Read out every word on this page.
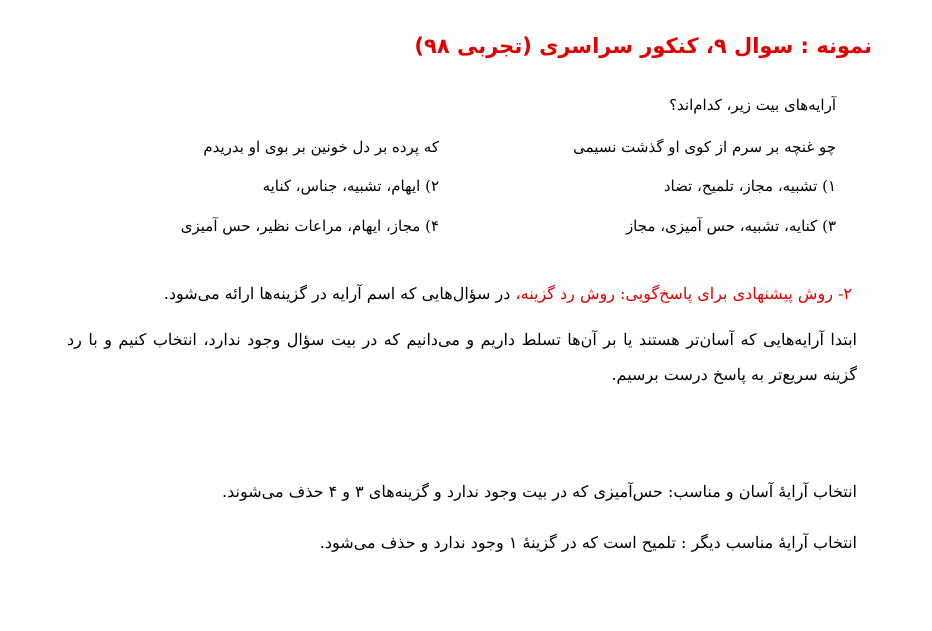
نمونه : سوال ۹، کنکور سراسری (تجربی ۹۸)
آرایه‌های بیت زیر، کدام‌اند؟
چو غنچه بر سرم از کوی او گذشت نسیمی
که پرده بر دل خونین بر بوی او بدریدم
۱) تشبیه، مجاز، تلمیح، تضاد
۲) ایهام، تشبیه، جناس، کنایه
۳) کنایه، تشبیه، حس آمیزی، مجاز
۴) مجاز، ایهام، مراعات نظیر، حس آمیزی
۲- روش پیشنهادی برای پاسخ‌گویی: روش رد گزینه، در سؤال‌هایی که اسم آرایه در گزینه‌ها ارائه می‌شود.
ابتدا آرایه‌هایی که آسان‌تر هستند یا بر آن‌ها تسلط داریم و می‌دانیم که در بیت سؤال وجود ندارد، انتخاب کنیم و با رد گزینه سریع‌تر به پاسخ درست برسیم.
انتخاب آرایۀ آسان و مناسب: حس‌آمیزی که در بیت وجود ندارد و گزینه‌های ۳ و ۴ حذف می‌شوند.
انتخاب آرایۀ مناسب دیگر : تلمیح است که در گزینۀ ۱ وجود ندارد و حذف می‌شود.
